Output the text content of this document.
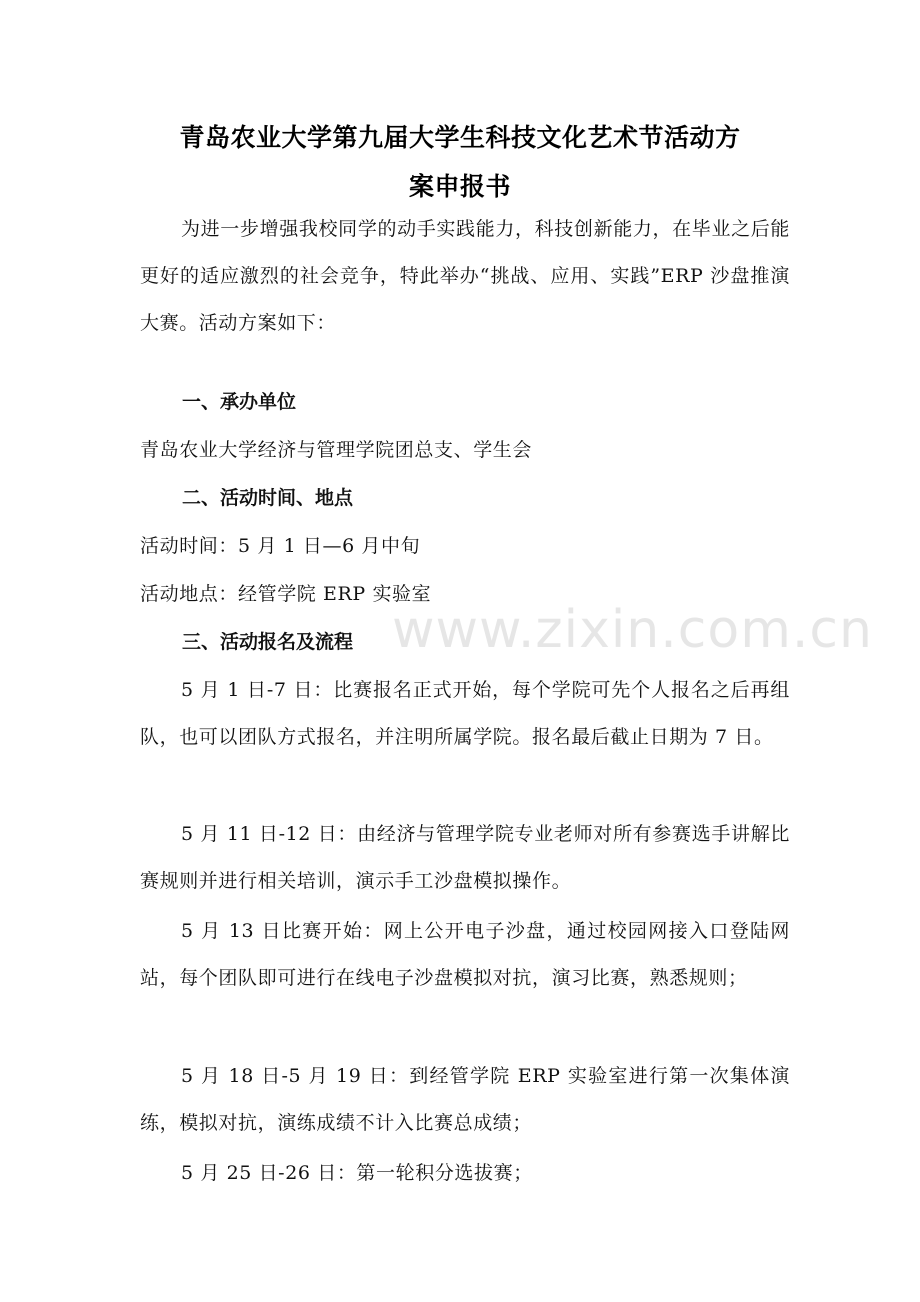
青岛农业大学第九届大学生科技文化艺术节活动方
案申报书
为进一步增强我校同学的动手实践能力，科技创新能力，在毕业之后能更好的适应激烈的社会竞争，特此举办“挑战、应用、实践”ERP 沙盘推演大赛。活动方案如下：
一、承办单位
青岛农业大学经济与管理学院团总支、学生会
二、活动时间、地点
活动时间：5 月 1 日—6 月中旬
活动地点：经管学院 ERP 实验室
三、活动报名及流程
5 月 1 日-7 日：比赛报名正式开始，每个学院可先个人报名之后再组队，也可以团队方式报名，并注明所属学院。报名最后截止日期为 7 日。
5 月 11 日-12 日：由经济与管理学院专业老师对所有参赛选手讲解比赛规则并进行相关培训，演示手工沙盘模拟操作。
5 月 13 日比赛开始：网上公开电子沙盘，通过校园网接入口登陆网站，每个团队即可进行在线电子沙盘模拟对抗，演习比赛，熟悉规则；
5 月 18 日-5 月 19 日：到经管学院 ERP 实验室进行第一次集体演练，模拟对抗，演练成绩不计入比赛总成绩；
5 月 25 日-26 日：第一轮积分选拔赛；
www.zixin.com.cn
